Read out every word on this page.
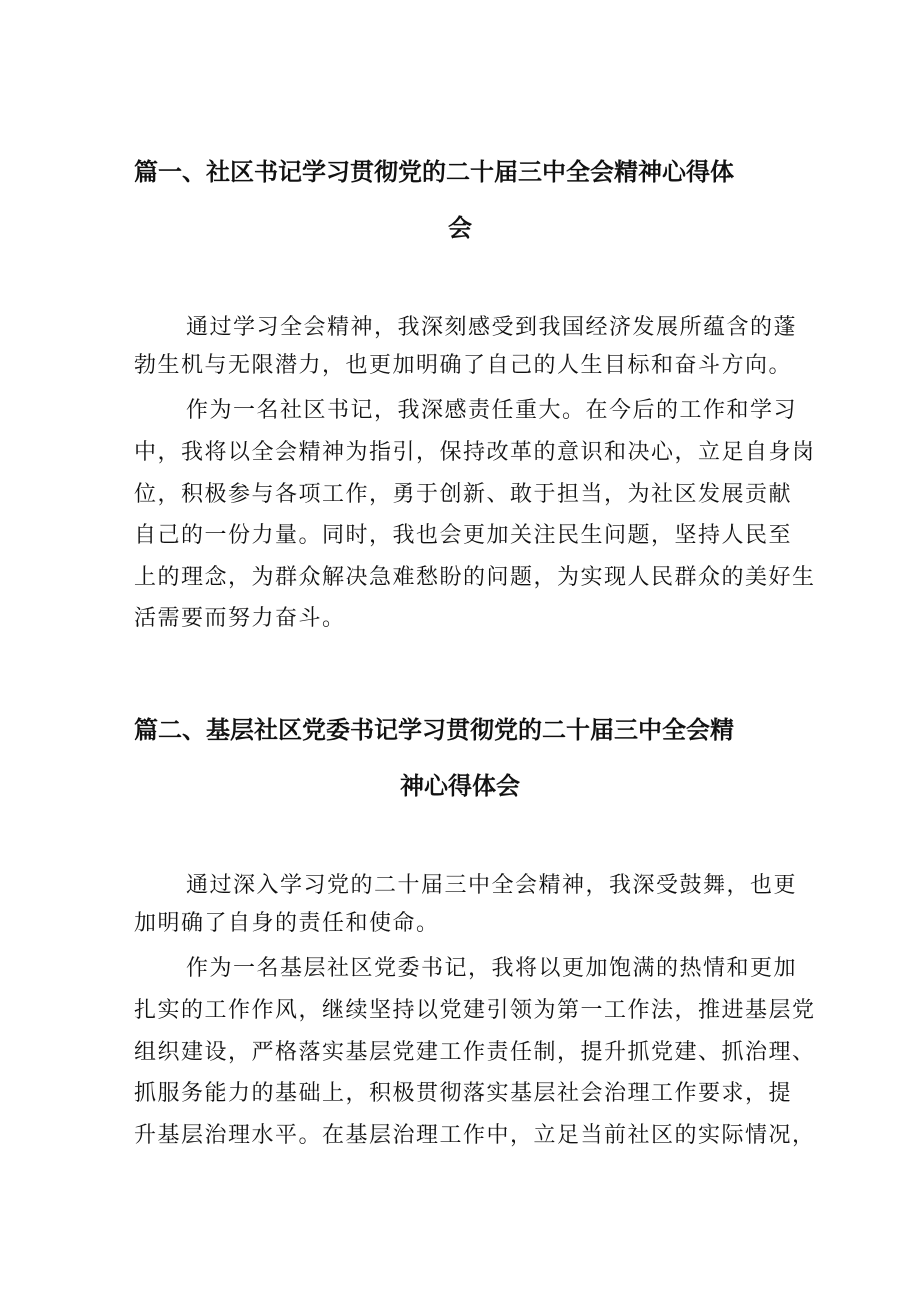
篇一、社区书记学习贯彻党的二十届三中全会精神心得体
会

通过学习全会精神，我深刻感受到我国经济发展所蕴含的蓬

勃生机与无限潜力，也更加明确了自己的人生目标和奋斗方向。

作为一名社区书记，我深感责任重大。在今后的工作和学习

中，我将以全会精神为指引，保持改革的意识和决心，立足自身岗

位，积极参与各项工作，勇于创新、敢于担当，为社区发展贡献

自己的一份力量。同时，我也会更加关注民生问题，坚持人民至

上的理念，为群众解决急难愁盼的问题，为实现人民群众的美好生

活需要而努力奋斗。

篇二、基层社区党委书记学习贯彻党的二十届三中全会精
神心得体会

通过深入学习党的二十届三中全会精神，我深受鼓舞，也更

加明确了自身的责任和使命。

作为一名基层社区党委书记，我将以更加饱满的热情和更加

扎实的工作作风，继续坚持以党建引领为第一工作法，推进基层党

组织建设，严格落实基层党建工作责任制，提升抓党建、抓治理、

抓服务能力的基础上，积极贯彻落实基层社会治理工作要求，提

升基层治理水平。在基层治理工作中，立足当前社区的实际情况，
